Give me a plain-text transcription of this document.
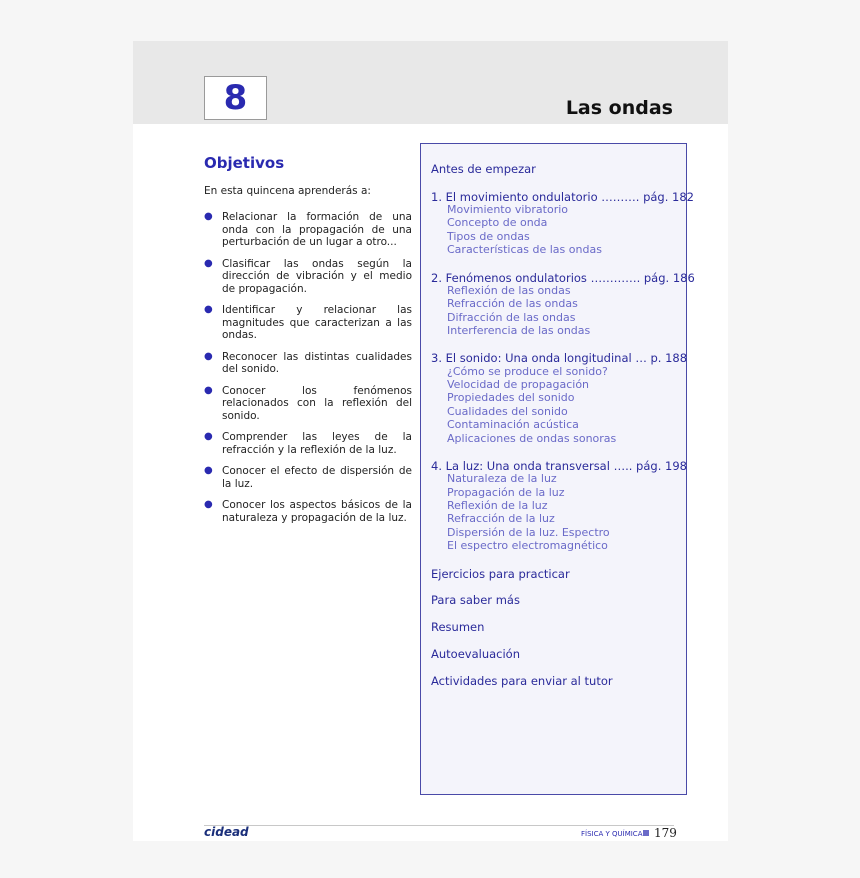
8	Las ondas
Objetivos
En esta quincena aprenderás a:
● Relacionar la formación de una onda con la propagación de una perturbación de un lugar a otro...
● Clasificar las ondas según la dirección de vibración y el medio de propagación.
● Identificar y relacionar las magnitudes que caracterizan a las ondas.
● Reconocer las distintas cualidades del sonido.
● Conocer los fenómenos relacionados con la reflexión del sonido.
● Comprender las leyes de la refracción y la reflexión de la luz.
● Conocer el efecto de dispersión de la luz.
● Conocer los aspectos básicos de la naturaleza y propagación de la luz.
Antes de empezar
1. El movimiento ondulatorio ………. pág. 182
Movimiento vibratorio
Concepto de onda
Tipos de ondas
Características de las ondas
2. Fenómenos ondulatorios …………. pág. 186
Reflexión de las ondas
Refracción de las ondas
Difracción de las ondas
Interferencia de las ondas
3. El sonido: Una onda longitudinal … p. 188
¿Cómo se produce el sonido?
Velocidad de propagación
Propiedades del sonido
Cualidades del sonido
Contaminación acústica
Aplicaciones de ondas sonoras
4. La luz: Una onda transversal ….. pág. 198
Naturaleza de la luz
Propagación de la luz
Reflexión de la luz
Refracción de la luz
Dispersión de la luz. Espectro
El espectro electromagnético
Ejercicios para practicar
Para saber más
Resumen
Autoevaluación
Actividades para enviar al tutor
cidead	FÍSICA Y QUÍMICA 179
